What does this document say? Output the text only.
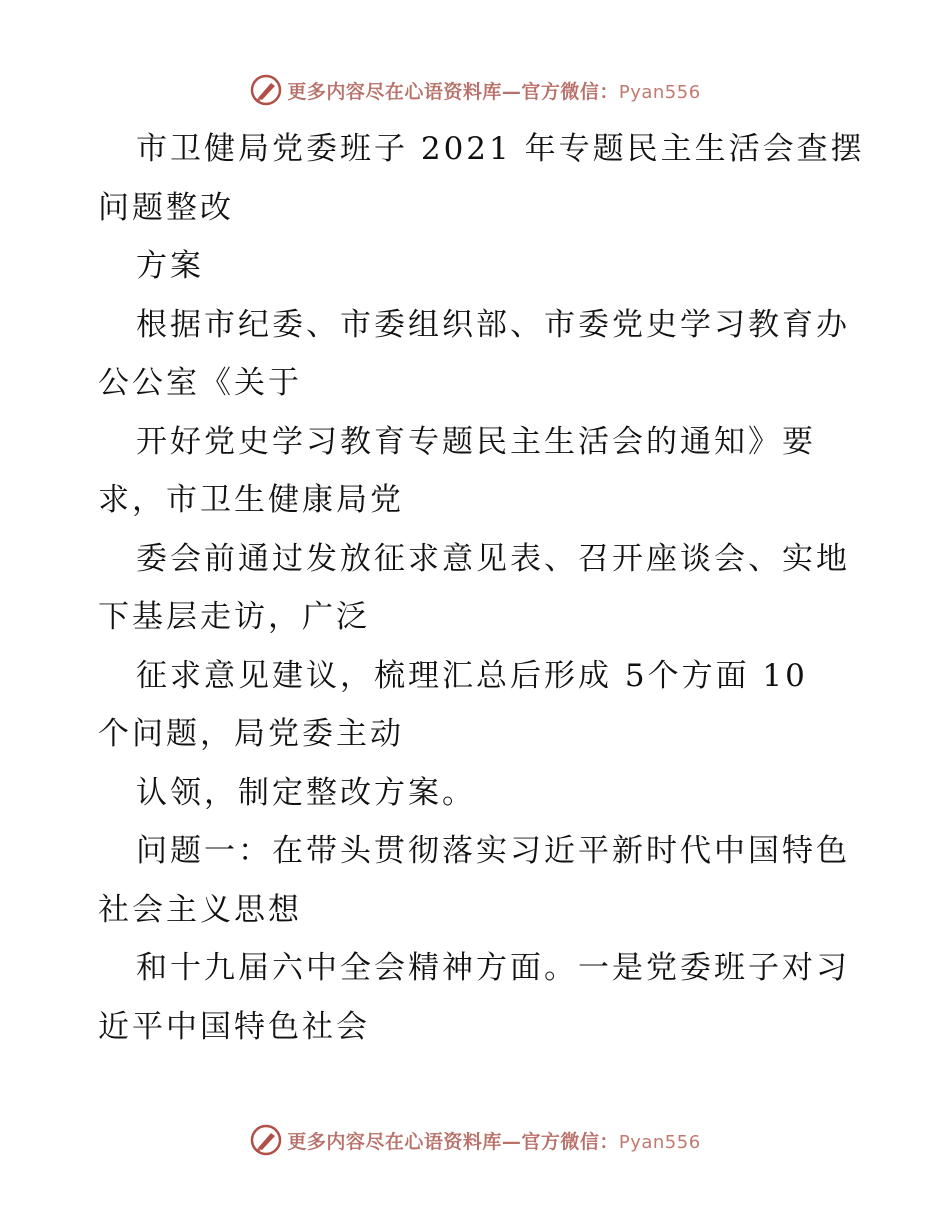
更多内容尽在心语资料库—官方微信：Pyan556
市卫健局党委班子 2021 年专题民主生活会查摆
问题整改
方案
根据市纪委、市委组织部、市委党史学习教育办
公公室《关于
开好党史学习教育专题民主生活会的通知》要
求，市卫生健康局党
委会前通过发放征求意见表、召开座谈会、实地
下基层走访，广泛
征求意见建议，梳理汇总后形成 5个方面 10
个问题，局党委主动
认领，制定整改方案。
问题一：在带头贯彻落实习近平新时代中国特色
社会主义思想
和十九届六中全会精神方面。一是党委班子对习
近平中国特色社会
更多内容尽在心语资料库—官方微信：Pyan556
